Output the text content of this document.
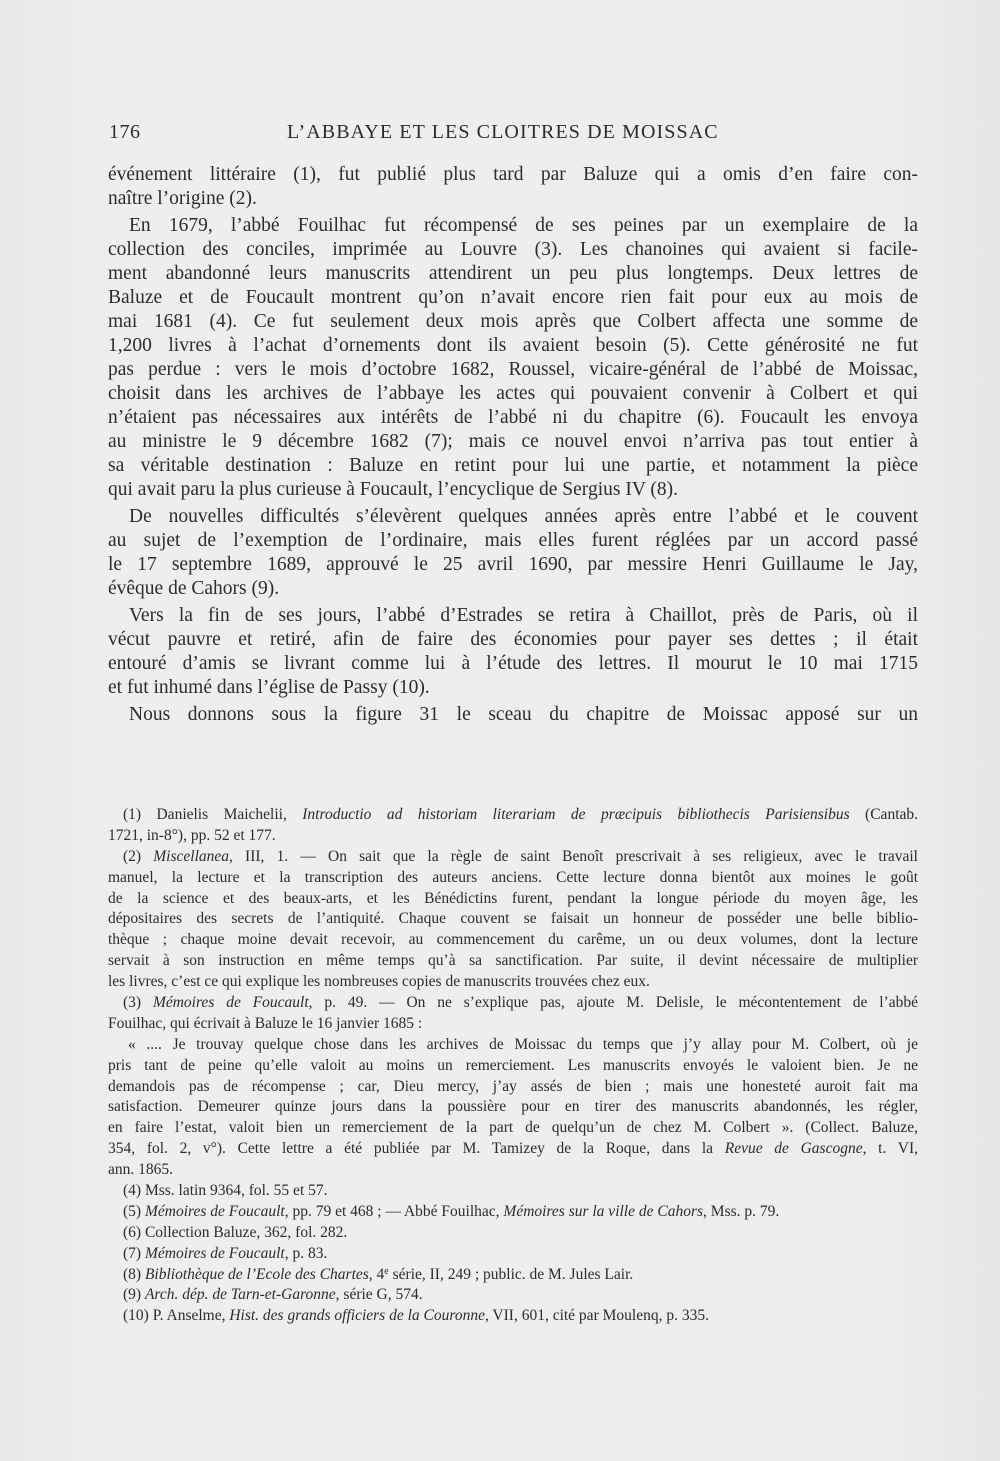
176	L’ABBAYE ET LES CLOITRES DE MOISSAC
événement littéraire (1), fut publié plus tard par Baluze qui a omis d’en faire con-
naître l’origine (2).
En 1679, l’abbé Fouilhac fut récompensé de ses peines par un exemplaire de la
collection des conciles, imprimée au Louvre (3). Les chanoines qui avaient si facile-
ment abandonné leurs manuscrits attendirent un peu plus longtemps. Deux lettres de
Baluze et de Foucault montrent qu’on n’avait encore rien fait pour eux au mois de
mai 1681 (4). Ce fut seulement deux mois après que Colbert affecta une somme de
1,200 livres à l’achat d’ornements dont ils avaient besoin (5). Cette générosité ne fut
pas perdue : vers le mois d’octobre 1682, Roussel, vicaire-général de l’abbé de Moissac,
choisit dans les archives de l’abbaye les actes qui pouvaient convenir à Colbert et qui
n’étaient pas nécessaires aux intérêts de l’abbé ni du chapitre (6). Foucault les envoya
au ministre le 9 décembre 1682 (7); mais ce nouvel envoi n’arriva pas tout entier à
sa véritable destination : Baluze en retint pour lui une partie, et notamment la pièce
qui avait paru la plus curieuse à Foucault, l’encyclique de Sergius IV (8).
De nouvelles difficultés s’élevèrent quelques années après entre l’abbé et le couvent
au sujet de l’exemption de l’ordinaire, mais elles furent réglées par un accord passé
le 17 septembre 1689, approuvé le 25 avril 1690, par messire Henri Guillaume le Jay,
évêque de Cahors (9).
Vers la fin de ses jours, l’abbé d’Estrades se retira à Chaillot, près de Paris, où il
vécut pauvre et retiré, afin de faire des économies pour payer ses dettes ; il était
entouré d’amis se livrant comme lui à l’étude des lettres. Il mourut le 10 mai 1715
et fut inhumé dans l’église de Passy (10).
Nous donnons sous la figure 31 le sceau du chapitre de Moissac apposé sur un
(1) Danielis Maichelii, Introductio ad historiam literariam de præcipuis bibliothecis Parisiensibus (Cantab.
1721, in-8°), pp. 52 et 177.
(2) Miscellanea, III, 1. — On sait que la règle de saint Benoît prescrivait à ses religieux, avec le travail
manuel, la lecture et la transcription des auteurs anciens. Cette lecture donna bientôt aux moines le goût
de la science et des beaux-arts, et les Bénédictins furent, pendant la longue période du moyen âge, les
dépositaires des secrets de l’antiquité. Chaque couvent se faisait un honneur de posséder une belle biblio-
thèque ; chaque moine devait recevoir, au commencement du carême, un ou deux volumes, dont la lecture
servait à son instruction en même temps qu’à sa sanctification. Par suite, il devint nécessaire de multiplier
les livres, c’est ce qui explique les nombreuses copies de manuscrits trouvées chez eux.
(3) Mémoires de Foucault, p. 49. — On ne s’explique pas, ajoute M. Delisle, le mécontentement de l’abbé
Fouilhac, qui écrivait à Baluze le 16 janvier 1685 :
« .... Je trouvay quelque chose dans les archives de Moissac du temps que j’y allay pour M. Colbert, où je
pris tant de peine qu’elle valoit au moins un remerciement. Les manuscrits envoyés le valoient bien. Je ne
demandois pas de récompense ; car, Dieu mercy, j’ay assés de bien ; mais une honesteté auroit fait ma
satisfaction. Demeurer quinze jours dans la poussière pour en tirer des manuscrits abandonnés, les régler,
en faire l’estat, valoit bien un remerciement de la part de quelqu’un de chez M. Colbert ». (Collect. Baluze,
354, fol. 2, v°). Cette lettre a été publiée par M. Tamizey de la Roque, dans la Revue de Gascogne, t. VI,
ann. 1865.
(4) Mss. latin 9364, fol. 55 et 57.
(5) Mémoires de Foucault, pp. 79 et 468 ; — Abbé Fouilhac, Mémoires sur la ville de Cahors, Mss. p. 79.
(6) Collection Baluze, 362, fol. 282.
(7) Mémoires de Foucault, p. 83.
(8) Bibliothèque de l’Ecole des Chartes, 4e série, II, 249 ; public. de M. Jules Lair.
(9) Arch. dép. de Tarn-et-Garonne, série G, 574.
(10) P. Anselme, Hist. des grands officiers de la Couronne, VII, 601, cité par Moulenq, p. 335.
